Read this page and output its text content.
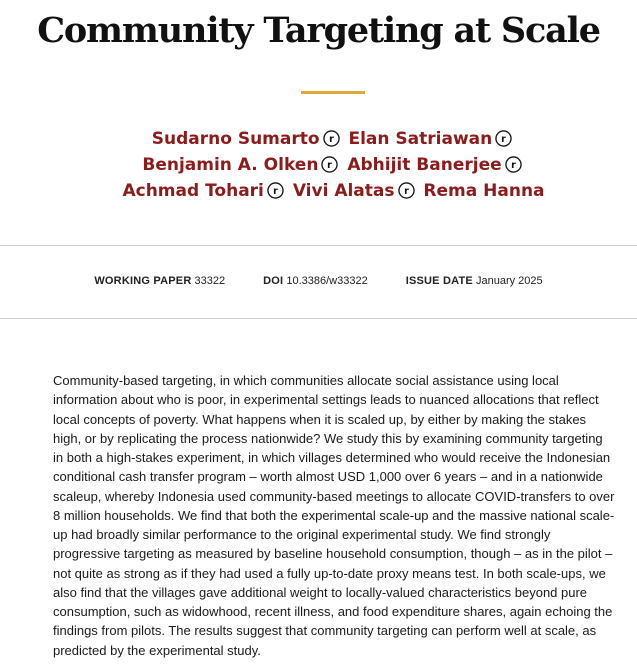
Community Targeting at Scale
Sudarno Sumarto r Elan Satriawan r
Benjamin A. Olken r Abhijit Banerjee r
Achmad Tohari r Vivi Alatas r Rema Hanna
WORKING PAPER 33322	DOI 10.3386/w33322	ISSUE DATE January 2025

Community-based targeting, in which communities allocate social assistance using local information about who is poor, in experimental settings leads to nuanced allocations that reflect local concepts of poverty. What happens when it is scaled up, by either by making the stakes high, or by replicating the process nationwide? We study this by examining community targeting in both a high-stakes experiment, in which villages determined who would receive the Indonesian conditional cash transfer program – worth almost USD 1,000 over 6 years – and in a nationwide scaleup, whereby Indonesia used community-based meetings to allocate COVID-transfers to over 8 million households. We find that both the experimental scale-up and the massive national scale-up had broadly similar performance to the original experimental study. We find strongly progressive targeting as measured by baseline household consumption, though – as in the pilot – not quite as strong as if they had used a fully up-to-date proxy means test. In both scale-ups, we also find that the villages gave additional weight to locally-valued characteristics beyond pure consumption, such as widowhood, recent illness, and food expenditure shares, again echoing the findings from pilots. The results suggest that community targeting can perform well at scale, as predicted by the experimental study.
